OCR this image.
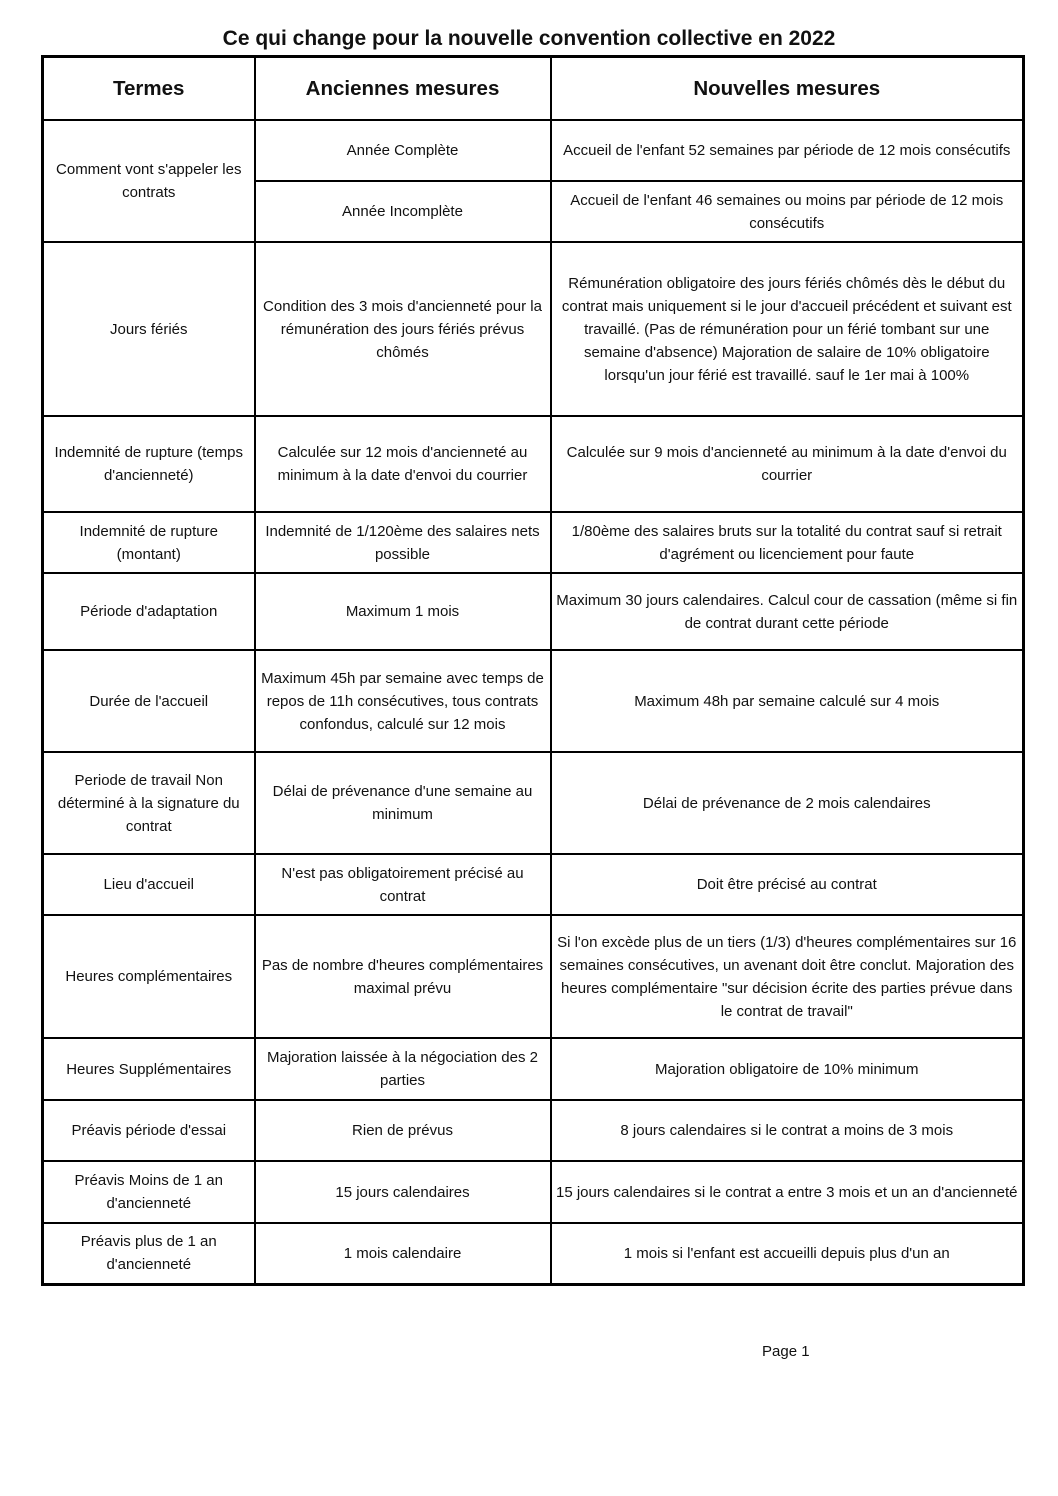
Ce qui change pour la nouvelle convention collective en 2022
Termes	Anciennes mesures	Nouvelles mesures
Comment vont s'appeler les contrats	Année Complète	Accueil de l'enfant 52 semaines par période de 12 mois consécutifs
	Année Incomplète	Accueil de l'enfant 46 semaines ou moins par période de 12 mois consécutifs
Jours fériés	Condition des 3 mois d'ancienneté pour la rémunération des jours fériés prévus chômés	Rémunération obligatoire des jours fériés chômés dès le début du contrat mais uniquement si le jour d'accueil précédent et suivant est travaillé. (Pas de rémunération pour un férié tombant sur une semaine d'absence) Majoration de salaire de 10% obligatoire lorsqu'un jour férié est travaillé. sauf le 1er mai à 100%
Indemnité de rupture (temps d'ancienneté)	Calculée sur 12 mois d'ancienneté au minimum à la date d'envoi du courrier	Calculée sur 9 mois d'ancienneté au minimum à la date d'envoi du courrier
Indemnité de rupture (montant)	Indemnité de 1/120ème des salaires nets possible	1/80ème des salaires bruts sur la totalité du contrat sauf si retrait d'agrément ou licenciement pour faute
Période d'adaptation	Maximum 1 mois	Maximum 30 jours calendaires. Calcul cour de cassation (même si fin de contrat durant cette période
Durée de l'accueil	Maximum 45h par semaine avec temps de repos de 11h consécutives, tous contrats confondus, calculé sur 12 mois	Maximum 48h par semaine calculé sur 4 mois
Periode de travail Non déterminé à la signature du contrat	Délai de prévenance d'une semaine au minimum	Délai de prévenance de 2 mois calendaires
Lieu d'accueil	N'est pas obligatoirement précisé au contrat	Doit être précisé au contrat
Heures complémentaires	Pas de nombre d'heures complémentaires maximal prévu	Si l'on excède plus de un tiers (1/3) d'heures complémentaires sur 16 semaines consécutives, un avenant doit être conclut. Majoration des heures complémentaire "sur décision écrite des parties prévue dans le contrat de travail"
Heures Supplémentaires	Majoration laissée à la négociation des 2 parties	Majoration obligatoire de 10% minimum
Préavis période d'essai	Rien de prévus	8 jours calendaires si le contrat a moins de 3 mois
Préavis Moins de 1 an d'ancienneté	15 jours calendaires	15 jours calendaires si le contrat a entre 3 mois et un an d'ancienneté
Préavis plus de 1 an d'ancienneté	1 mois calendaire	1 mois si l'enfant est accueilli depuis plus d'un an
Page 1
